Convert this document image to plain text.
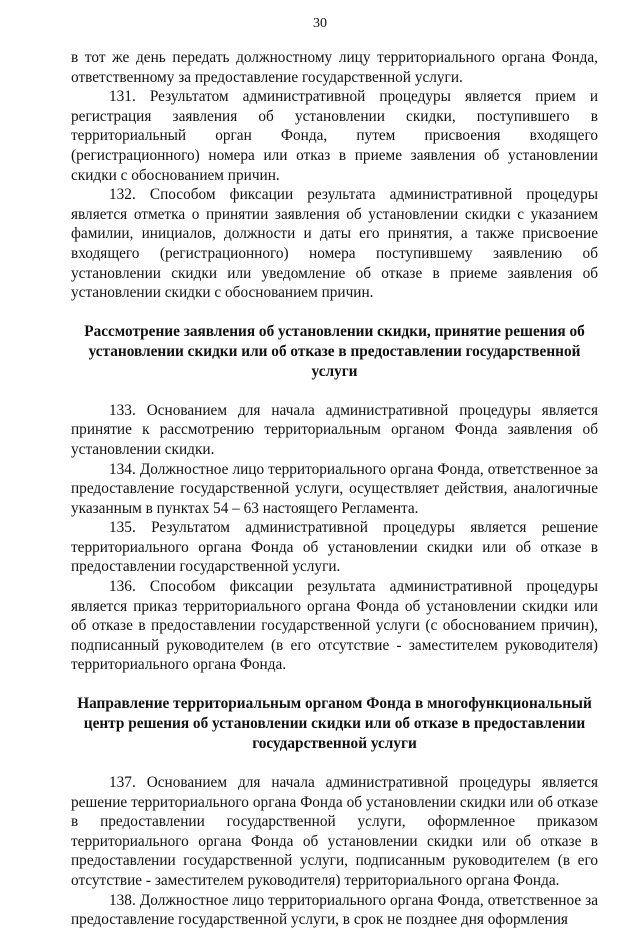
30

в тот же день передать должностному лицу территориального органа Фонда, ответственному за предоставление государственной услуги.

131. Результатом административной процедуры является прием и регистрация заявления об установлении скидки, поступившего в территориальный орган Фонда, путем присвоения входящего (регистрационного) номера или отказ в приеме заявления об установлении скидки с обоснованием причин.

132. Способом фиксации результата административной процедуры является отметка о принятии заявления об установлении скидки с указанием фамилии, инициалов, должности и даты его принятия, а также присвоение входящего (регистрационного) номера поступившему заявлению об установлении скидки или уведомление об отказе в приеме заявления об установлении скидки с обоснованием причин.

Рассмотрение заявления об установлении скидки, принятие решения об установлении скидки или об отказе в предоставлении государственной услуги

133. Основанием для начала административной процедуры является принятие к рассмотрению территориальным органом Фонда заявления об установлении скидки.

134. Должностное лицо территориального органа Фонда, ответственное за предоставление государственной услуги, осуществляет действия, аналогичные указанным в пунктах 54 – 63 настоящего Регламента.

135. Результатом административной процедуры является решение территориального органа Фонда об установлении скидки или об отказе в предоставлении государственной услуги.

136. Способом фиксации результата административной процедуры является приказ территориального органа Фонда об установлении скидки или об отказе в предоставлении государственной услуги (с обоснованием причин), подписанный руководителем (в его отсутствие - заместителем руководителя) территориального органа Фонда.

Направление территориальным органом Фонда в многофункциональный центр решения об установлении скидки или об отказе в предоставлении государственной услуги

137. Основанием для начала административной процедуры является решение территориального органа Фонда об установлении скидки или об отказе в предоставлении государственной услуги, оформленное приказом территориального органа Фонда об установлении скидки или об отказе в предоставлении государственной услуги, подписанным руководителем (в его отсутствие - заместителем руководителя) территориального органа Фонда.

138. Должностное лицо территориального органа Фонда, ответственное за предоставление государственной услуги, в срок не позднее дня оформления
